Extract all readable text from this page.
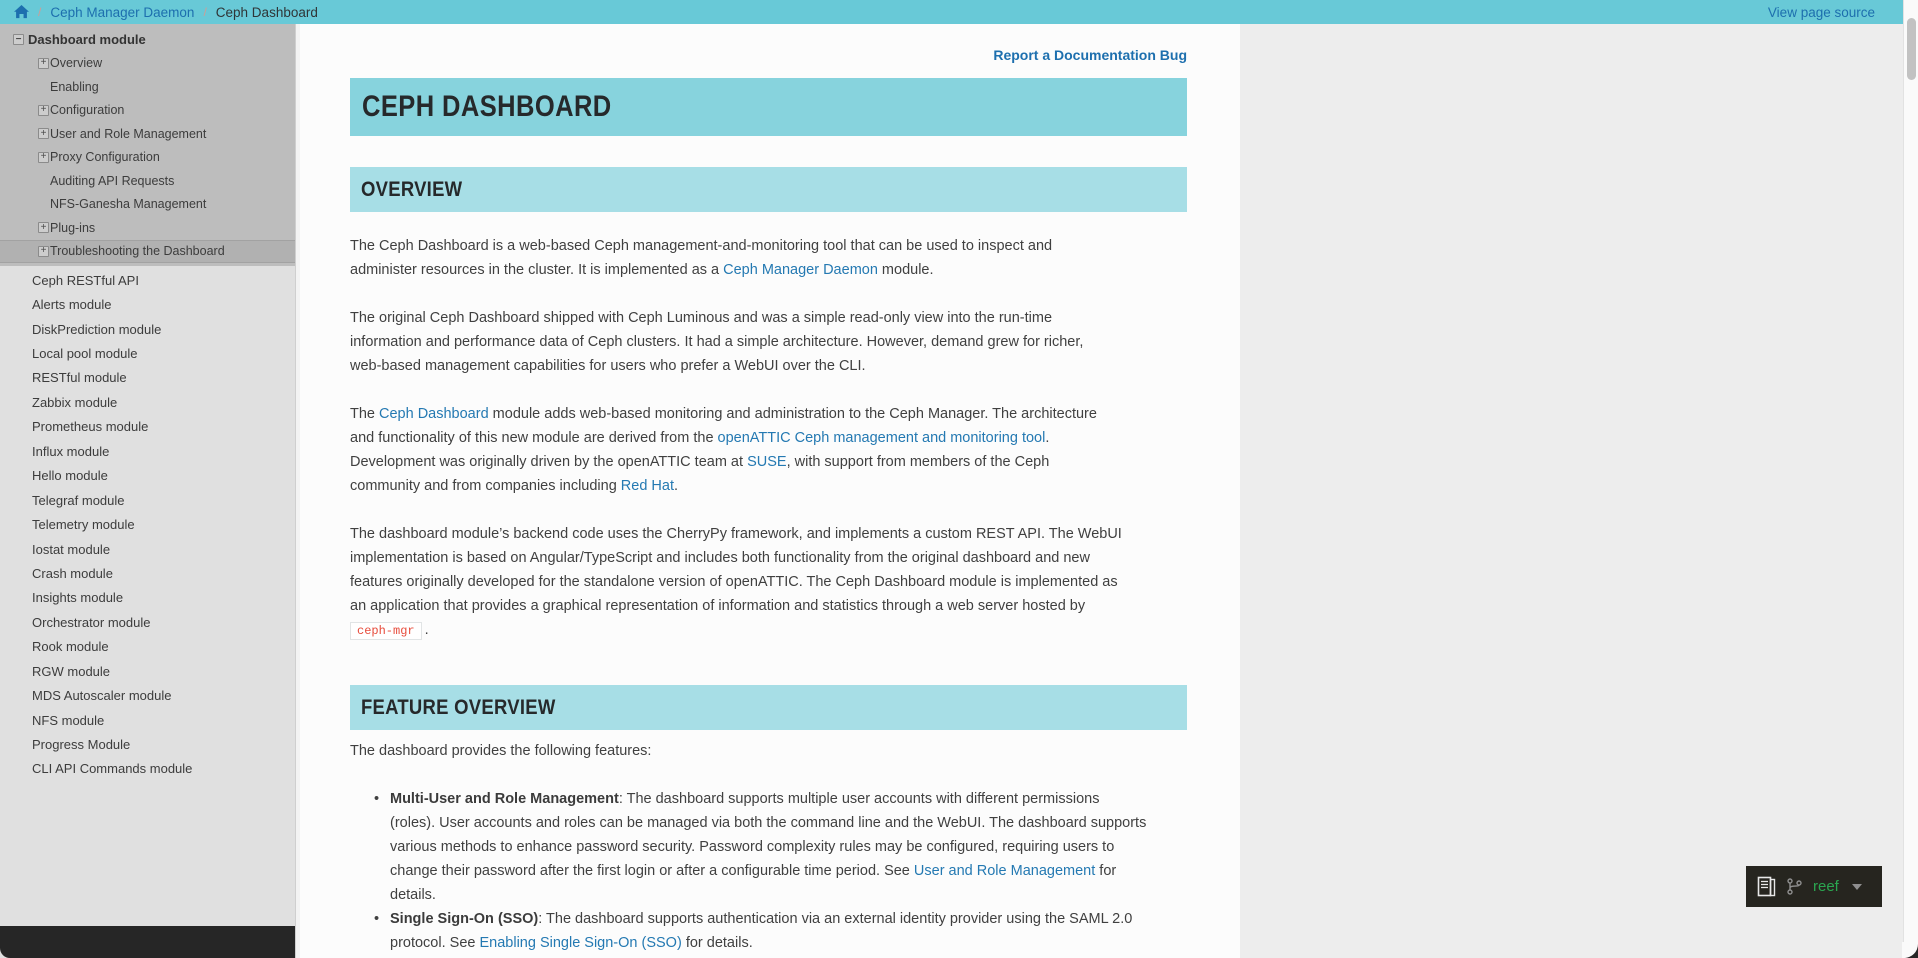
/ Ceph Manager Daemon / Ceph Dashboard	View page source
− Dashboard module
+ Overview
Enabling
+ Configuration
+ User and Role Management
+ Proxy Configuration
Auditing API Requests
NFS-Ganesha Management
+ Plug-ins
+ Troubleshooting the Dashboard
Ceph RESTful API
Alerts module
DiskPrediction module
Local pool module
RESTful module
Zabbix module
Prometheus module
Influx module
Hello module
Telegraf module
Telemetry module
Iostat module
Crash module
Insights module
Orchestrator module
Rook module
RGW module
MDS Autoscaler module
NFS module
Progress Module
CLI API Commands module
Report a Documentation Bug
CEPH DASHBOARD
OVERVIEW

The Ceph Dashboard is a web-based Ceph management-and-monitoring tool that can be used to inspect and
administer resources in the cluster. It is implemented as a Ceph Manager Daemon module.

The original Ceph Dashboard shipped with Ceph Luminous and was a simple read-only view into the run-time
information and performance data of Ceph clusters. It had a simple architecture. However, demand grew for richer,
web-based management capabilities for users who prefer a WebUI over the CLI.

The Ceph Dashboard module adds web-based monitoring and administration to the Ceph Manager. The architecture
and functionality of this new module are derived from the openATTIC Ceph management and monitoring tool.
Development was originally driven by the openATTIC team at SUSE, with support from members of the Ceph
community and from companies including Red Hat.

The dashboard module’s backend code uses the CherryPy framework, and implements a custom REST API. The WebUI
implementation is based on Angular/TypeScript and includes both functionality from the original dashboard and new
features originally developed for the standalone version of openATTIC. The Ceph Dashboard module is implemented as
an application that provides a graphical representation of information and statistics through a web server hosted by
ceph-mgr .

FEATURE OVERVIEW

The dashboard provides the following features:

• Multi-User and Role Management: The dashboard supports multiple user accounts with different permissions
(roles). User accounts and roles can be managed via both the command line and the WebUI. The dashboard supports
various methods to enhance password security. Password complexity rules may be configured, requiring users to
change their password after the first login or after a configurable time period. See User and Role Management for
details.
• Single Sign-On (SSO): The dashboard supports authentication via an external identity provider using the SAML 2.0
protocol. See Enabling Single Sign-On (SSO) for details.
reef
